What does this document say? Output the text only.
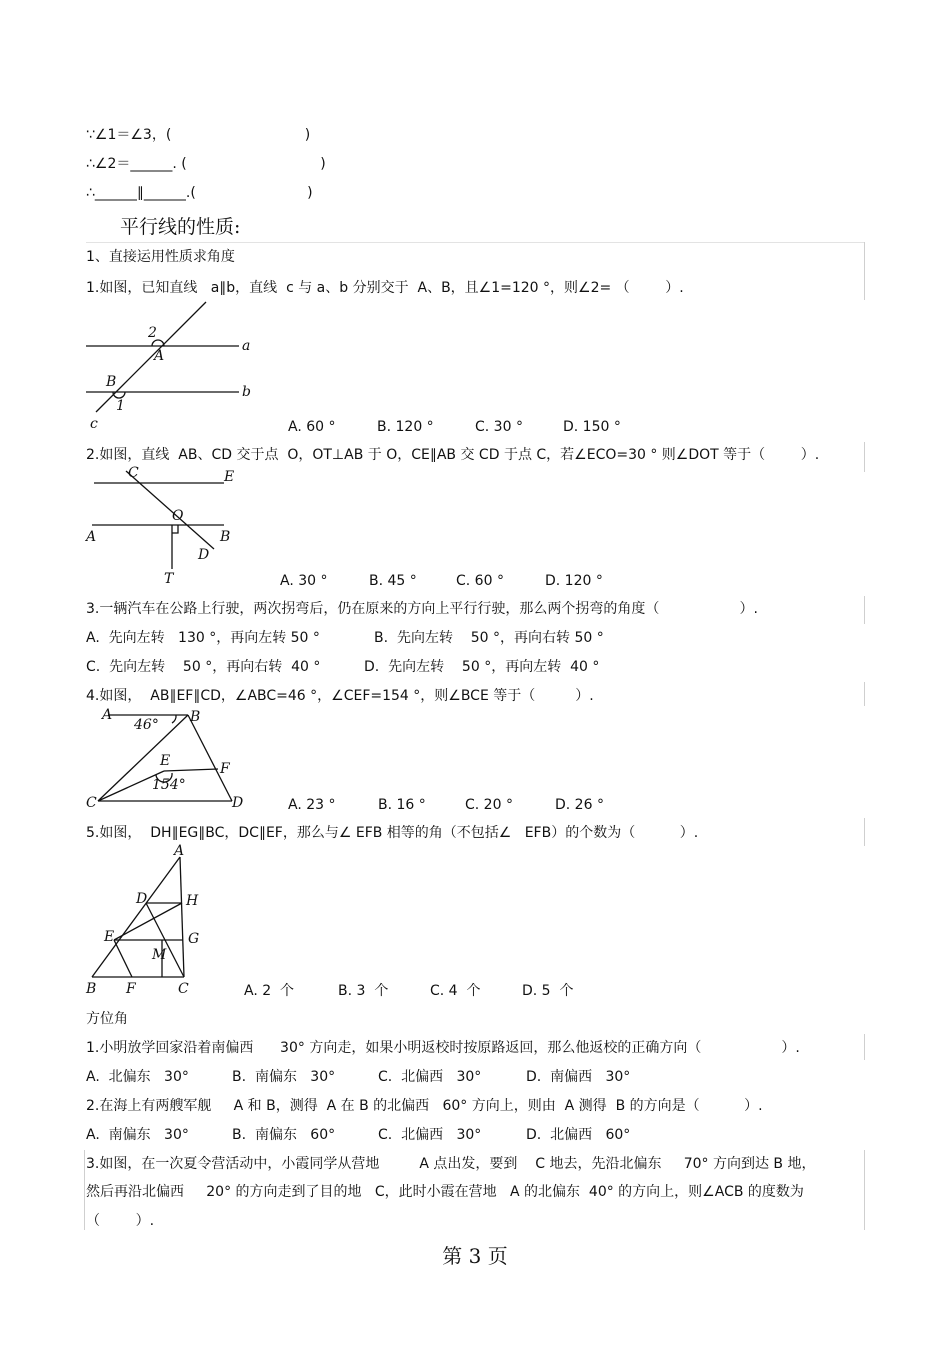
∵∠1＝∠3，(                              )
∴∠2＝______. (                              )
∴______∥______.(                         )
平行线的性质:
1、直接运用性质求角度
1.如图，已知直线   a∥b，直线  c 与 a、b 分别交于  A、B，且∠1=120 °，则∠2= （        ）.
2
A
a
B
b
1
c	A. 60 °	B. 120 °	C. 30 °	D. 150 °
2.如图，直线  AB、CD 交于点  O，OT⊥AB 于 O，CE∥AB 交 CD 于点 C，若∠ECO=30 ° 则∠DOT 等于（        ）.
C	E
O
A	B
D
T	A. 30 °	B. 45 °	C. 60 °	D. 120 °
3.一辆汽车在公路上行驶，两次拐弯后，仍在原来的方向上平行行驶，那么两个拐弯的角度（                  ）.
A.  先向左转   130 °，再向左转 50 °	B.  先向左转    50 °，再向右转 50 °
C.  先向左转    50 °，再向右转  40 °	D.  先向左转    50 °，再向左转  40 °
4.如图，  AB∥EF∥CD，∠ABC=46 °，∠CEF=154 °，则∠BCE 等于（         ）.
A
46° B
E	F
154°
C	D	A. 23 °	B. 16 °	C. 20 °	D. 26 °
5.如图，  DH∥EG∥BC，DC∥EF，那么与∠ EFB 相等的角（不包括∠   EFB）的个数为（          ）.
A
D	H
E	G
M
B F	C	A. 2  个	B. 3  个	C. 4  个	D. 5  个
方位角
1.小明放学回家沿着南偏西      30° 方向走，如果小明返校时按原路返回，那么他返校的正确方向（                  ）.
A.  北偏东   30°	B.  南偏东   30°	C.  北偏西   30°	D.  南偏西   30°
2.在海上有两艘军舰     A 和 B，测得  A 在 B 的北偏西   60° 方向上，则由  A 测得  B 的方向是（          ）.
A.  南偏东   30°	B.  南偏东   60°	C.  北偏西   30°	D.  北偏西   60°
3.如图，在一次夏令营活动中，小霞同学从营地         A 点出发，要到    C 地去，先沿北偏东     70° 方向到达 B 地，
然后再沿北偏西     20° 的方向走到了目的地   C，此时小霞在营地   A 的北偏东  40° 的方向上，则∠ACB 的度数为
（        ）.
第 3 页
